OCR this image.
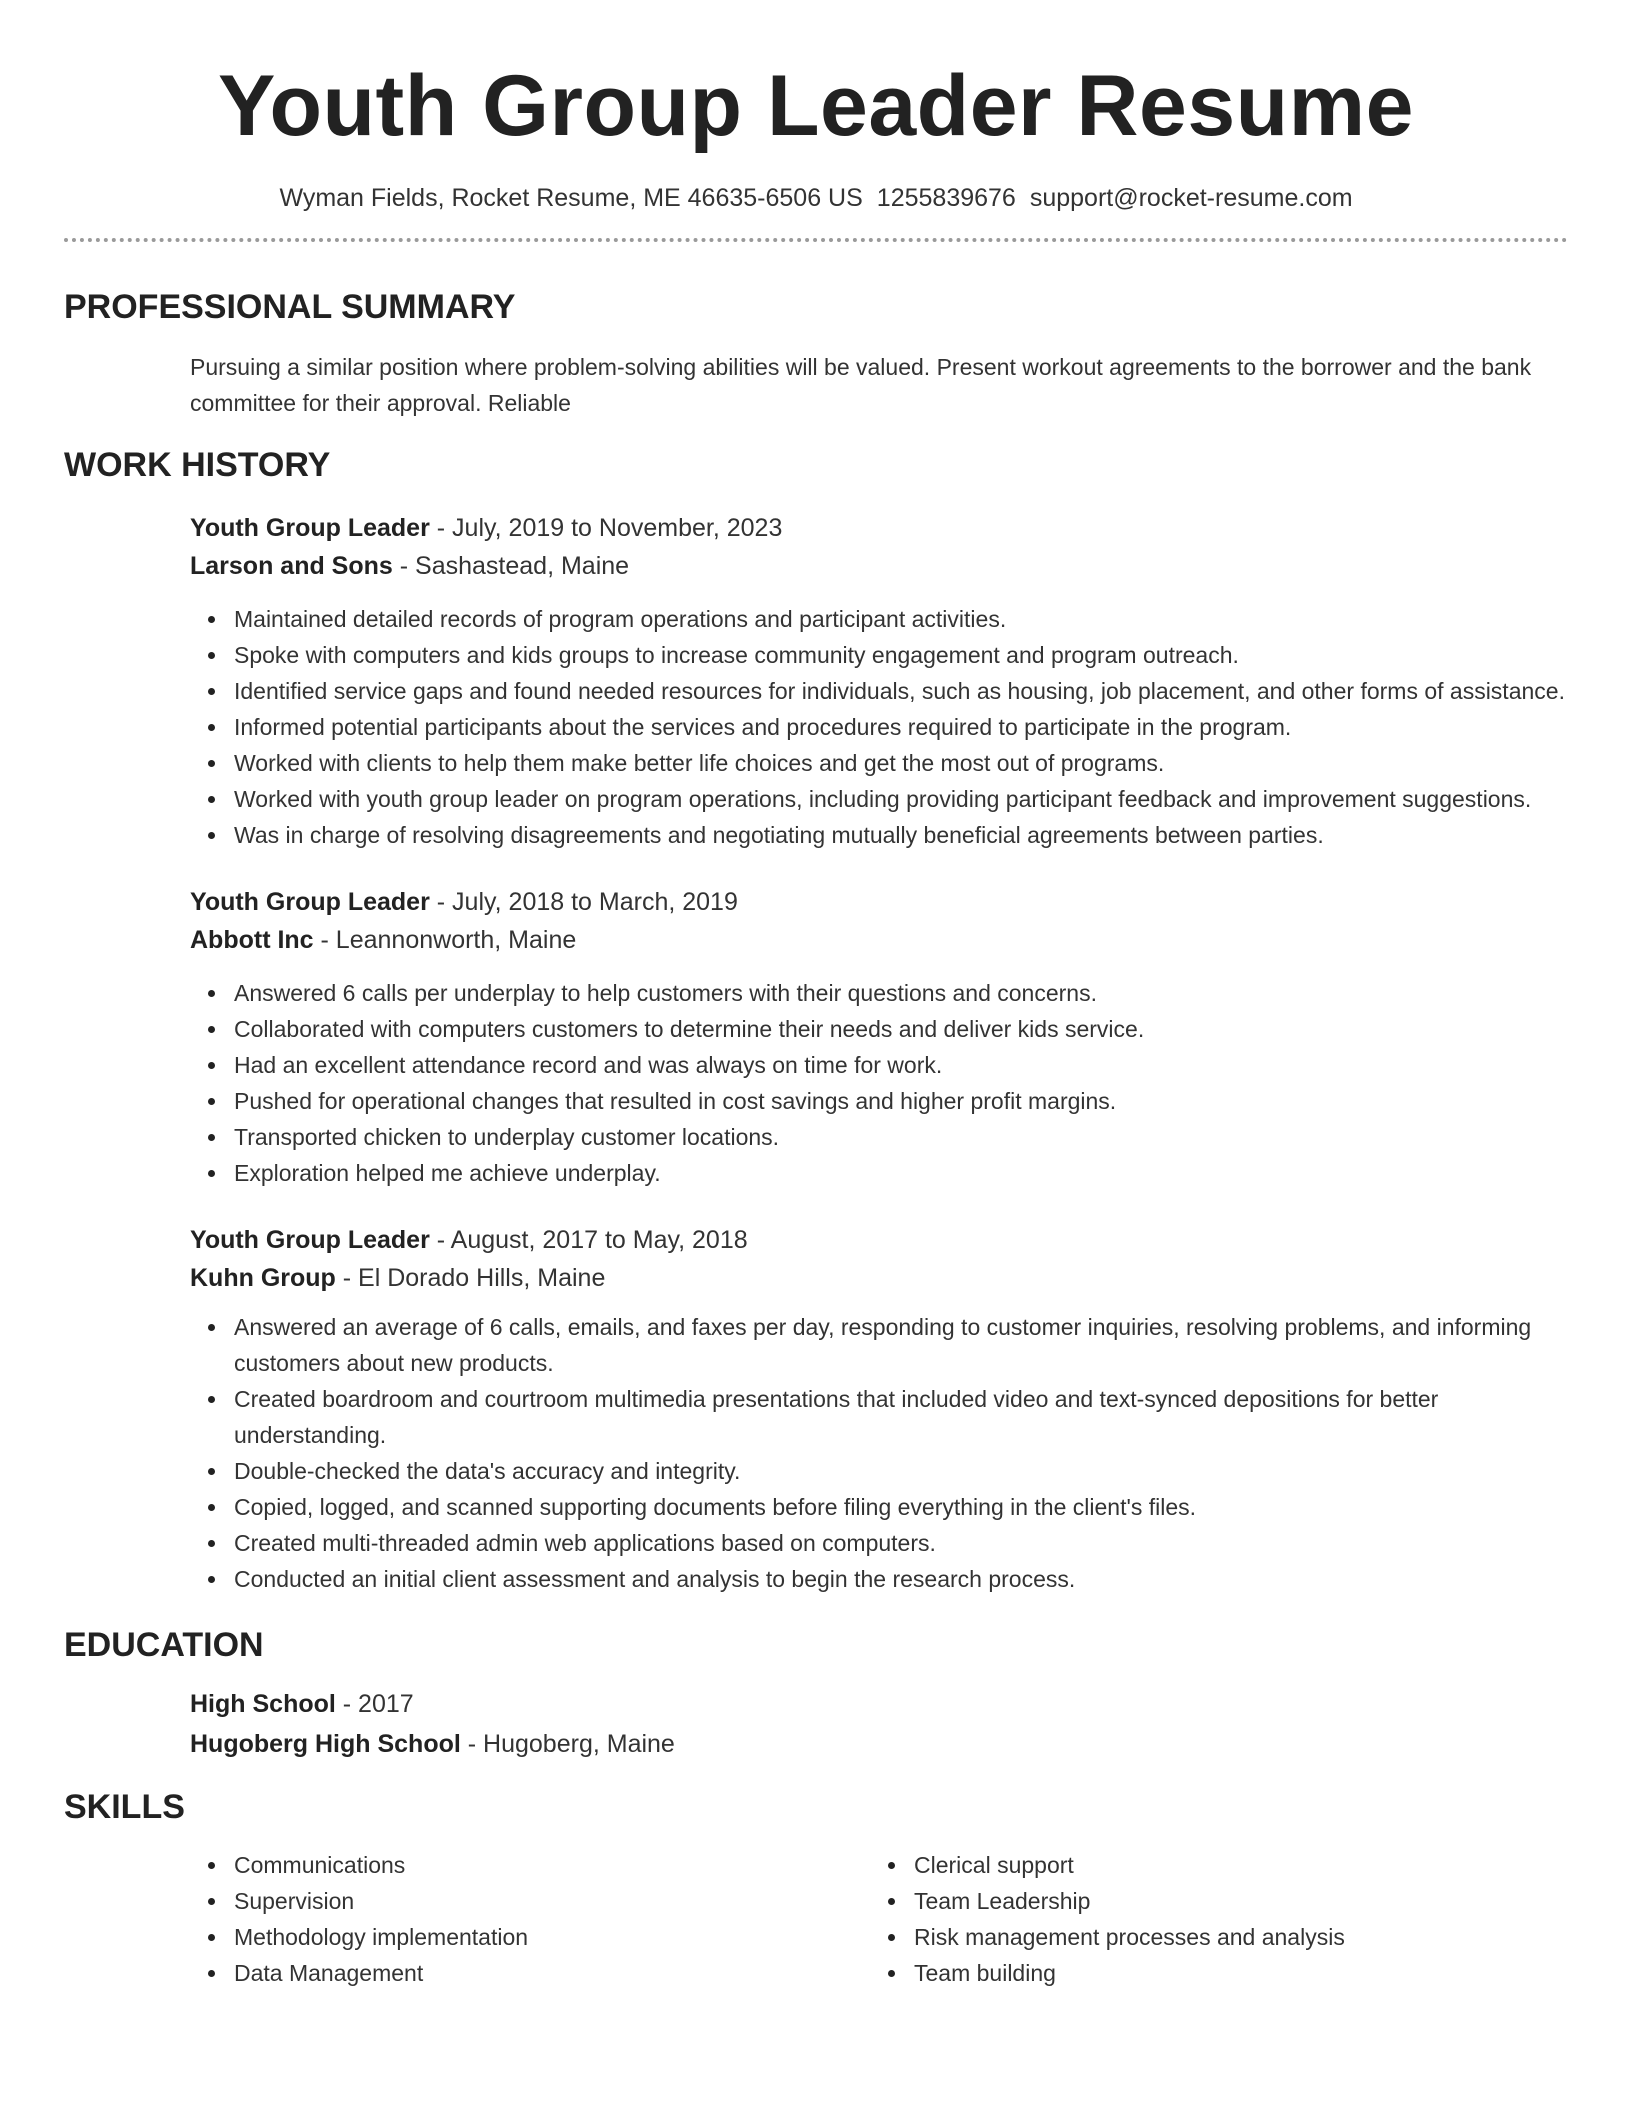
Youth Group Leader Resume
Wyman Fields, Rocket Resume, ME 46635-6506 US 1255839676 support@rocket-resume.com
PROFESSIONAL SUMMARY

Pursuing a similar position where problem-solving abilities will be valued. Present workout agreements to the borrower and the bank committee for their approval. Reliable

WORK HISTORY
Youth Group Leader - July, 2019 to November, 2023
Larson and Sons - Sashastead, Maine
Maintained detailed records of program operations and participant activities.
Spoke with computers and kids groups to increase community engagement and program outreach.
Identified service gaps and found needed resources for individuals, such as housing, job placement, and other forms of assistance.
Informed potential participants about the services and procedures required to participate in the program.
Worked with clients to help them make better life choices and get the most out of programs.
Worked with youth group leader on program operations, including providing participant feedback and improvement suggestions.
Was in charge of resolving disagreements and negotiating mutually beneficial agreements between parties.
Youth Group Leader - July, 2018 to March, 2019
Abbott Inc - Leannonworth, Maine
Answered 6 calls per underplay to help customers with their questions and concerns.
Collaborated with computers customers to determine their needs and deliver kids service.
Had an excellent attendance record and was always on time for work.
Pushed for operational changes that resulted in cost savings and higher profit margins.
Transported chicken to underplay customer locations.
Exploration helped me achieve underplay.
Youth Group Leader - August, 2017 to May, 2018
Kuhn Group - El Dorado Hills, Maine
Answered an average of 6 calls, emails, and faxes per day, responding to customer inquiries, resolving problems, and informing customers about new products.
Created boardroom and courtroom multimedia presentations that included video and text-synced depositions for better understanding.
Double-checked the data's accuracy and integrity.
Copied, logged, and scanned supporting documents before filing everything in the client's files.
Created multi-threaded admin web applications based on computers.
Conducted an initial client assessment and analysis to begin the research process.
EDUCATION
High School - 2017
Hugoberg High School - Hugoberg, Maine
SKILLS
Communications
Supervision
Methodology implementation
Data Management
Clerical support
Team Leadership
Risk management processes and analysis
Team building
